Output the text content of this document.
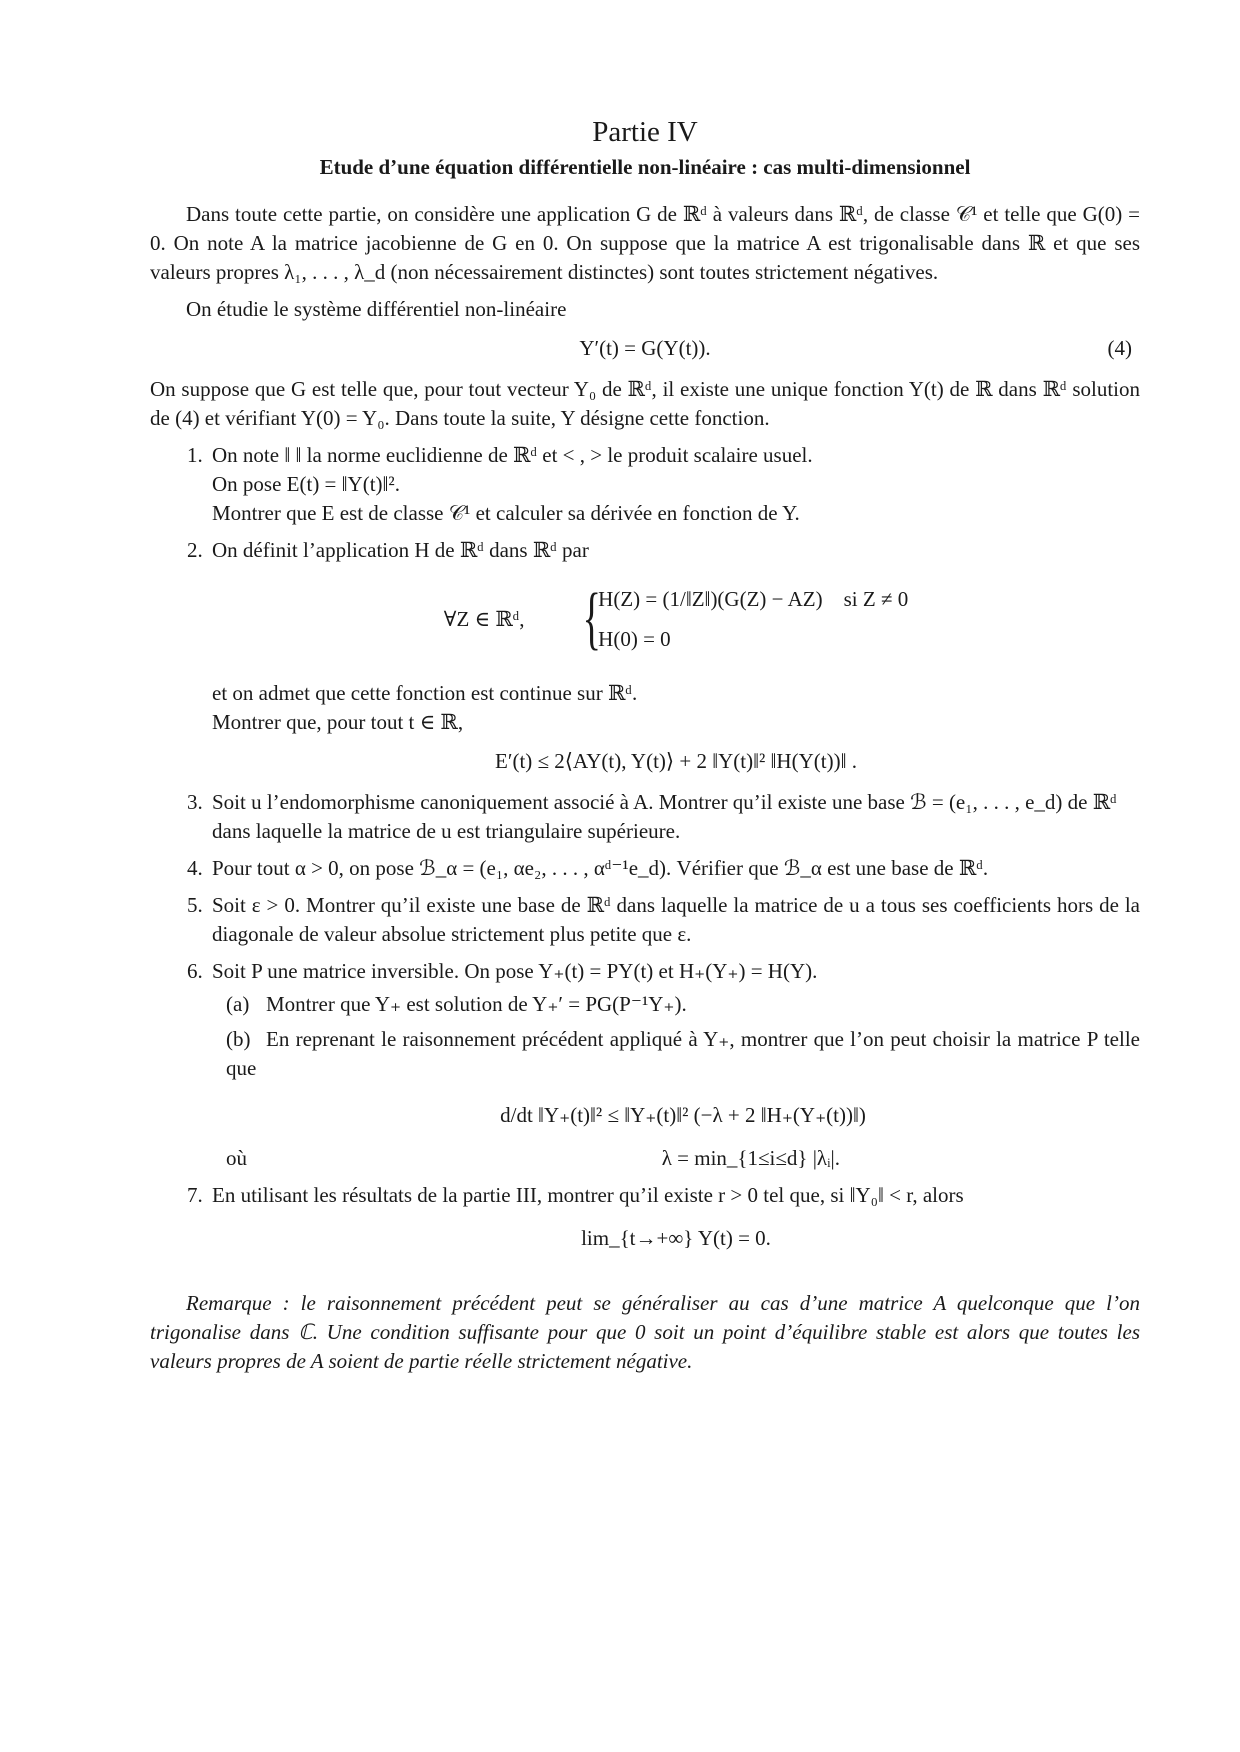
Partie IV
Etude d’une équation différentielle non-linéaire : cas multi-dimensionnel

Dans toute cette partie, on considère une application G de ℝᵈ à valeurs dans ℝᵈ, de classe 𝒞¹ et telle que G(0) = 0. On note A la matrice jacobienne de G en 0. On suppose que la matrice A est trigonalisable dans ℝ et que ses valeurs propres λ₁, . . . , λ_d (non nécessairement distinctes) sont toutes strictement négatives.

On étudie le système différentiel non-linéaire

Y′(t) = G(Y(t)).	(4)

On suppose que G est telle que, pour tout vecteur Y₀ de ℝᵈ, il existe une unique fonction Y(t) de ℝ dans ℝᵈ solution de (4) et vérifiant Y(0) = Y₀. Dans toute la suite, Y désigne cette fonction.

1. On note ‖ ‖ la norme euclidienne de ℝᵈ et < , > le produit scalaire usuel.
On pose E(t) = ‖Y(t)‖².
Montrer que E est de classe 𝒞¹ et calculer sa dérivée en fonction de Y.
2. On définit l’application H de ℝᵈ dans ℝᵈ par
∀Z ∈ ℝᵈ, {
H(Z) = (1/‖Z‖)(G(Z) − AZ)    si Z ≠ 0
H(0) = 0
et on admet que cette fonction est continue sur ℝᵈ.
Montrer que, pour tout t ∈ ℝ,
E′(t) ≤ 2⟨AY(t), Y(t)⟩ + 2 ‖Y(t)‖² ‖H(Y(t))‖ .
3. Soit u l’endomorphisme canoniquement associé à A. Montrer qu’il existe une base ℬ = (e₁, . . . , e_d) de ℝᵈ dans laquelle la matrice de u est triangulaire supérieure.
4. Pour tout α > 0, on pose ℬ_α = (e₁, αe₂, . . . , αᵈ⁻¹e_d). Vérifier que ℬ_α est une base de ℝᵈ.
5. Soit ε > 0. Montrer qu’il existe une base de ℝᵈ dans laquelle la matrice de u a tous ses coefficients hors de la diagonale de valeur absolue strictement plus petite que ε.
6. Soit P une matrice inversible. On pose Y₊(t) = PY(t) et H₊(Y₊) = H(Y).
(a) Montrer que Y₊ est solution de Y₊′ = PG(P⁻¹Y₊).
(b) En reprenant le raisonnement précédent appliqué à Y₊, montrer que l’on peut choisir la matrice P telle que
d/dt ‖Y₊(t)‖² ≤ ‖Y₊(t)‖² (−λ + 2 ‖H₊(Y₊(t))‖)
où	λ = min_{1≤i≤d} |λᵢ|.
7. En utilisant les résultats de la partie III, montrer qu’il existe r > 0 tel que, si ‖Y₀‖ < r, alors
lim_{t→+∞} Y(t) = 0.

Remarque : le raisonnement précédent peut se généraliser au cas d’une matrice A quelconque que l’on trigonalise dans ℂ. Une condition suffisante pour que 0 soit un point d’équilibre stable est alors que toutes les valeurs propres de A soient de partie réelle strictement négative.
